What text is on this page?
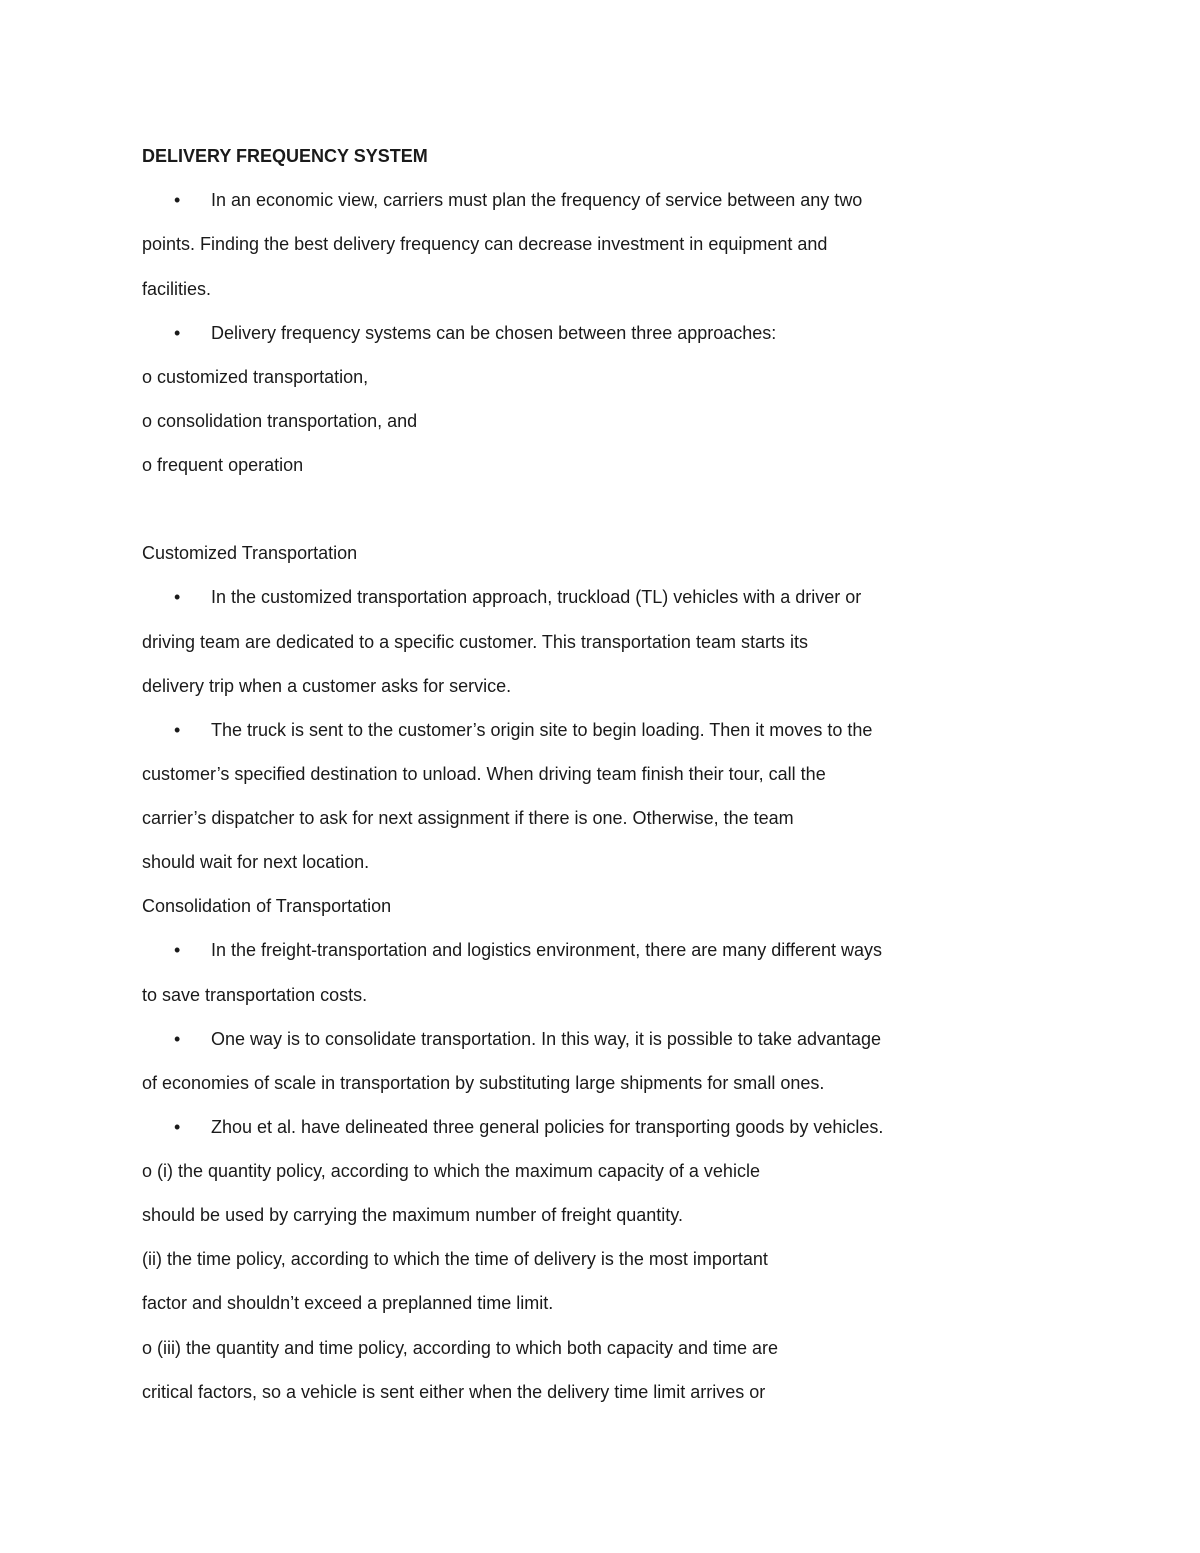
DELIVERY FREQUENCY SYSTEM

• In an economic view, carriers must plan the frequency of service between any two

points. Finding the best delivery frequency can decrease investment in equipment and

facilities.

• Delivery frequency systems can be chosen between three approaches:

o customized transportation,

o consolidation transportation, and

o frequent operation

Customized Transportation

• In the customized transportation approach, truckload (TL) vehicles with a driver or

driving team are dedicated to a specific customer. This transportation team starts its

delivery trip when a customer asks for service.

• The truck is sent to the customer’s origin site to begin loading. Then it moves to the

customer’s specified destination to unload. When driving team finish their tour, call the

carrier’s dispatcher to ask for next assignment if there is one. Otherwise, the team

should wait for next location.

Consolidation of Transportation

• In the freight-transportation and logistics environment, there are many different ways

to save transportation costs.

• One way is to consolidate transportation. In this way, it is possible to take advantage

of economies of scale in transportation by substituting large shipments for small ones.

• Zhou et al. have delineated three general policies for transporting goods by vehicles.

o (i) the quantity policy, according to which the maximum capacity of a vehicle

should be used by carrying the maximum number of freight quantity.

(ii) the time policy, according to which the time of delivery is the most important

factor and shouldn’t exceed a preplanned time limit.

o (iii) the quantity and time policy, according to which both capacity and time are

critical factors, so a vehicle is sent either when the delivery time limit arrives or
